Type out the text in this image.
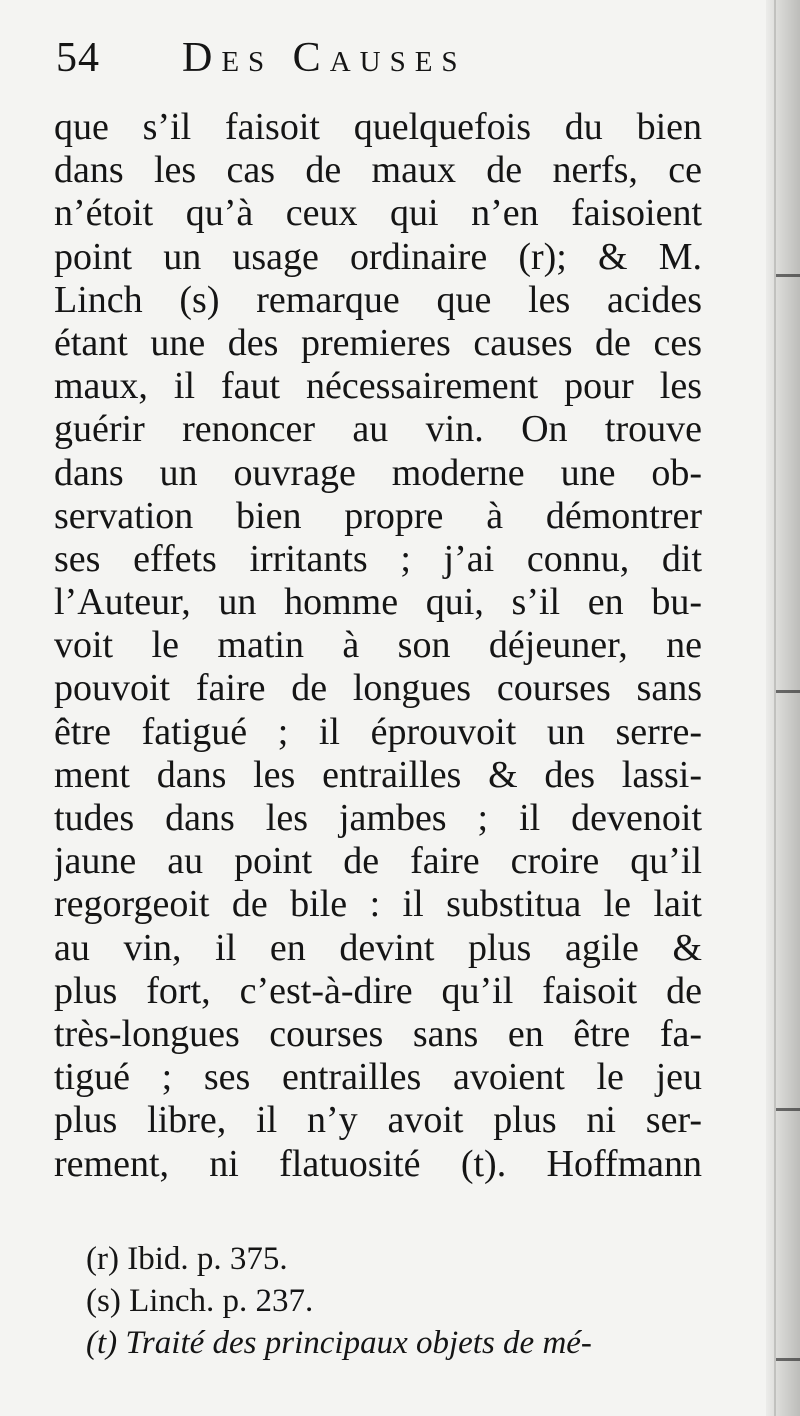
54	Des Causes
que s’il faisoit quelquefois du bien
dans les cas de maux de nerfs, ce
n’étoit qu’à ceux qui n’en faisoient
point un usage ordinaire (r); & M.
Linch (s) remarque que les acides
étant une des premieres causes de ces
maux, il faut nécessairement pour les
guérir renoncer au vin. On trouve
dans un ouvrage moderne une ob-
servation bien propre à démontrer
ses effets irritants ; j’ai connu, dit
l’Auteur, un homme qui, s’il en bu-
voit le matin à son déjeuner, ne
pouvoit faire de longues courses sans
être fatigué ; il éprouvoit un serre-
ment dans les entrailles & des lassi-
tudes dans les jambes ; il devenoit
jaune au point de faire croire qu’il
regorgeoit de bile : il substitua le lait
au vin, il en devint plus agile &
plus fort, c’est-à-dire qu’il faisoit de
très-longues courses sans en être fa-
tigué ; ses entrailles avoient le jeu
plus libre, il n’y avoit plus ni ser-
rement, ni flatuosité (t). Hoffmann
(r) Ibid. p. 375.
(s) Linch. p. 237.
(t) Traité des principaux objets de mé-
